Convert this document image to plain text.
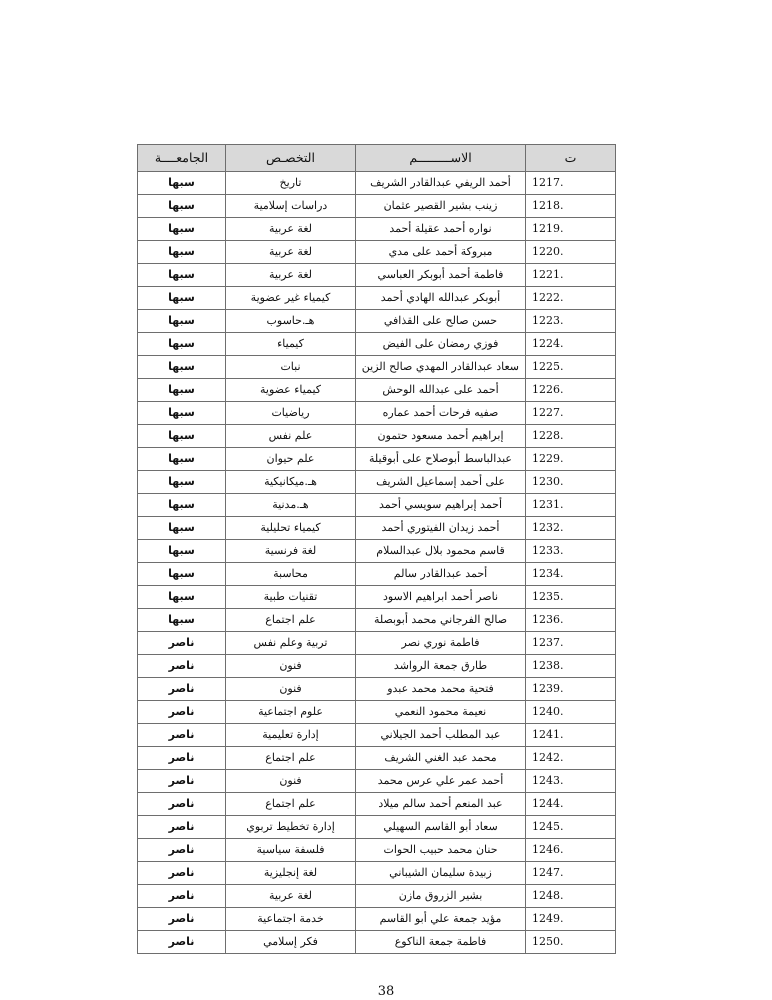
ت	الاســـــــــم	التخصـص	الجامعــــة
1217.	أحمد الريفي عبدالقادر الشريف	تاريخ	سبها
1218.	زينب بشير القصير عثمان	دراسات إسلامية	سبها
1219.	نواره أحمد عقيلة أحمد	لغة عربية	سبها
1220.	مبروكة أحمد على مدي	لغة عربية	سبها
1221.	فاطمة أحمد أبوبكر العباسي	لغة عربية	سبها
1222.	أبوبكر عبدالله الهادي أحمد	كيمياء غير عضوية	سبها
1223.	حسن صالح على القذافي	هـ.حاسوب	سبها
1224.	فوزي رمضان على الفيض	كيمياء	سبها
1225.	سعاد عبدالقادر المهدي صالح الزين	نبات	سبها
1226.	أحمد على عبدالله الوحش	كيمياء عضوية	سبها
1227.	صفيه فرحات أحمد عماره	رياضيات	سبها
1228.	إبراهيم أحمد مسعود حتمون	علم نفس	سبها
1229.	عبدالباسط أبوصلاح على أبوقيلة	علم حيوان	سبها
1230.	على أحمد إسماعيل الشريف	هـ.ميكانيكية	سبها
1231.	أحمد إبراهيم سويسي أحمد	هـ.مدنية	سبها
1232.	أحمد زيدان الفيتوري أحمد	كيمياء تحليلية	سبها
1233.	قاسم محمود بلال عبدالسلام	لغة فرنسية	سبها
1234.	أحمد عبدالقادر سالم	محاسبة	سبها
1235.	ناصر أحمد ابراهيم الاسود	تقنيات طبية	سبها
1236.	صالح الفرجاني محمد أبوبصلة	علم اجتماع	سبها
1237.	فاطمة نوري نصر	تربية وعلم نفس	ناصر
1238.	طارق جمعة الرواشد	فنون	ناصر
1239.	فتحية محمد محمد عبدو	فنون	ناصر
1240.	نعيمة محمود النعمي	علوم اجتماعية	ناصر
1241.	عبد المطلب أحمد الجيلاني	إدارة تعليمية	ناصر
1242.	محمد عبد الغني الشريف	علم اجتماع	ناصر
1243.	أحمد عمر علي عرس محمد	فنون	ناصر
1244.	عبد المنعم أحمد سالم ميلاد	علم اجتماع	ناصر
1245.	سعاد أبو القاسم السهيلي	إدارة تخطيط تربوي	ناصر
1246.	حنان محمد حبيب الحوات	فلسفة سياسية	ناصر
1247.	زبيدة سليمان الشيباني	لغة إنجليزية	ناصر
1248.	بشير الزروق مازن	لغة عربية	ناصر
1249.	مؤيد جمعة علي أبو القاسم	خدمة اجتماعية	ناصر
1250.	فاطمة جمعة الناكوع	فكر إسلامي	ناصر
38
